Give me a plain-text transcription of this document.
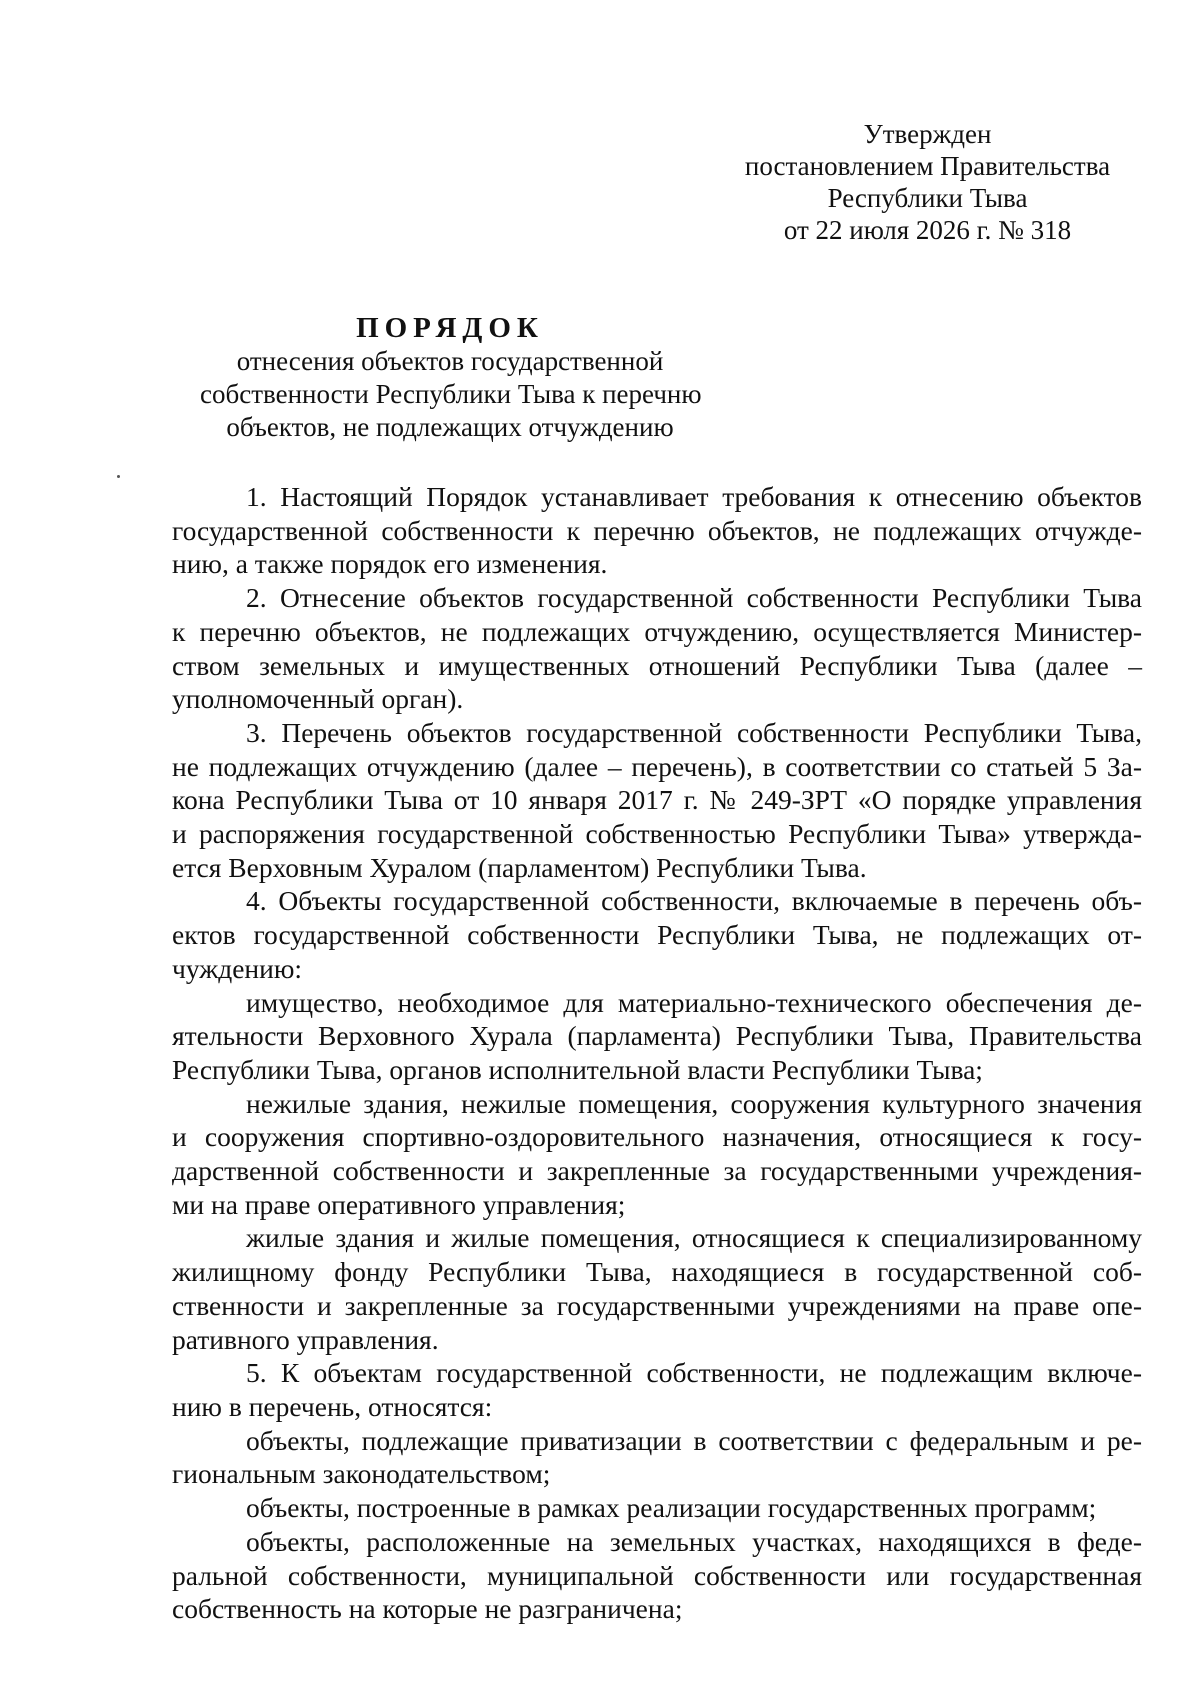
Утвержден
постановлением Правительства
Республики Тыва
от 22 июля 2026 г. № 318
ПОРЯДОК
отнесения объектов государственной
собственности Республики Тыва к перечню
объектов, не подлежащих отчуждению
1. Настоящий Порядок устанавливает требования к отнесению объектов
государственной собственности к перечню объектов, не подлежащих отчужде-
нию, а также порядок его изменения.
2. Отнесение объектов государственной собственности Республики Тыва
к перечню объектов, не подлежащих отчуждению, осуществляется Министер-
ством земельных и имущественных отношений Республики Тыва (далее –
уполномоченный орган).
3. Перечень объектов государственной собственности Республики Тыва,
не подлежащих отчуждению (далее – перечень), в соответствии со статьей 5 За-
кона Республики Тыва от 10 января 2017 г. № 249-ЗРТ «О порядке управления
и распоряжения государственной собственностью Республики Тыва» утвержда-
ется Верховным Хуралом (парламентом) Республики Тыва.
4. Объекты государственной собственности, включаемые в перечень объ-
ектов государственной собственности Республики Тыва, не подлежащих от-
чуждению:
имущество, необходимое для материально-технического обеспечения де-
ятельности Верховного Хурала (парламента) Республики Тыва, Правительства
Республики Тыва, органов исполнительной власти Республики Тыва;
нежилые здания, нежилые помещения, сооружения культурного значения
и сооружения спортивно-оздоровительного назначения, относящиеся к госу-
дарственной собственности и закрепленные за государственными учреждения-
ми на праве оперативного управления;
жилые здания и жилые помещения, относящиеся к специализированному
жилищному фонду Республики Тыва, находящиеся в государственной соб-
ственности и закрепленные за государственными учреждениями на праве опе-
ративного управления.
5. К объектам государственной собственности, не подлежащим включе-
нию в перечень, относятся:
объекты, подлежащие приватизации в соответствии с федеральным и ре-
гиональным законодательством;
объекты, построенные в рамках реализации государственных программ;
объекты, расположенные на земельных участках, находящихся в феде-
ральной собственности, муниципальной собственности или государственная
собственность на которые не разграничена;
